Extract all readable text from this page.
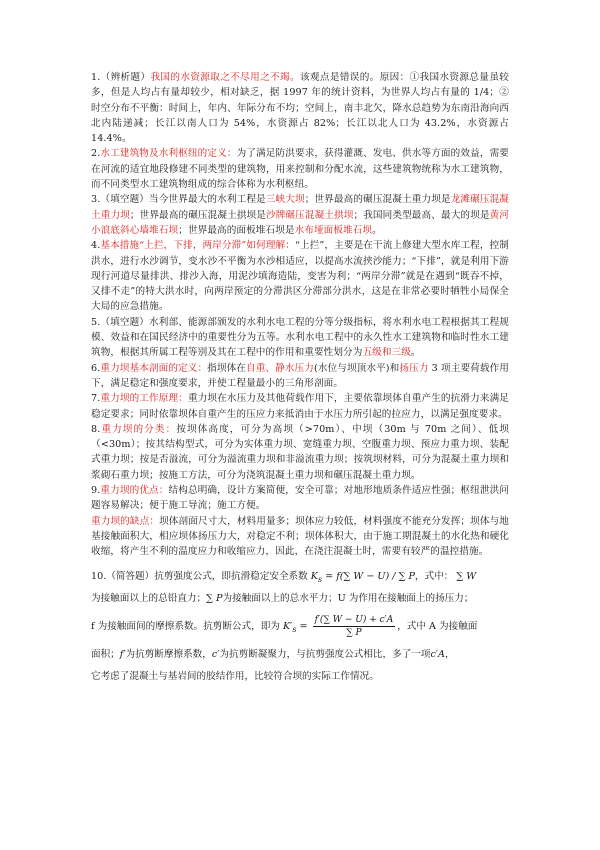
1.（辨析题）我国的水资源取之不尽用之不竭。该观点是错误的。原因：①我国水资源总量虽较多，但是人均占有量却较少，相对缺乏，据 1997 年的统计资料，为世界人均占有量的 1/4；②时空分布不平衡：时间上，年内、年际分布不均；空间上，南丰北欠，降水总趋势为东南沿海向西北内陆递减；长江以南人口为 54%，水资源占 82%；长江以北人口为 43.2%，水资源占 14.4%。

2.水工建筑物及水利枢纽的定义：为了满足防洪要求，获得灌溉、发电、供水等方面的效益，需要在河流的适宜地段修建不同类型的建筑物，用来控制和分配水流，这些建筑物统称为水工建筑物，而不同类型水工建筑物组成的综合体称为水利枢纽。

3.（填空题）当今世界最大的水利工程是三峡大坝；世界最高的碾压混凝土重力坝是龙滩碾压混凝土重力坝；世界最高的碾压混凝土拱坝是沙牌碾压混凝土拱坝；我国同类型最高、最大的坝是黄河小浪底斜心墙堆石坝；世界最高的面板堆石坝是水布垭面板堆石坝。

4.基本措施“上拦，下排，两岸分滞”如何理解：“上拦”，主要是在干流上修建大型水库工程，控制洪水，进行水沙调节，变水沙不平衡为水沙相适应，以提高水流挟沙能力；“下排”，就是利用下游现行河道尽量排洪、排沙入海，用泥沙填海造陆，变害为利；“两岸分滞”就是在遇到“既吞不掉，又排不走”的特大洪水时，向两岸预定的分滞洪区分滞部分洪水，这是在非常必要时牺牲小局保全大局的应急措施。

5.（填空题）水利部、能源部颁发的水利水电工程的分等分级指标，将水利水电工程根据其工程规模、效益和在国民经济中的重要性分为五等。水利水电工程中的永久性水工建筑物和临时性水工建筑物，根据其所属工程等别及其在工程中的作用和重要性划分为五级和三级。

6.重力坝基本剖面的定义：指坝体在自重、静水压力(水位与坝顶水平)和扬压力 3 项主要荷载作用下，满足稳定和强度要求，并使工程量最小的三角形剖面。

7.重力坝的工作原理：重力坝在水压力及其他荷载作用下，主要依靠坝体自重产生的抗滑力来满足稳定要求；同时依靠坝体自重产生的压应力来抵消由于水压力所引起的拉应力，以满足强度要求。

8.重力坝的分类：按坝体高度，可分为高坝（>70m）、中坝（30m 与 70m 之间）、低坝（<30m）；按其结构型式，可分为实体重力坝、宽缝重力坝、空腹重力坝、预应力重力坝、装配式重力坝；按是否溢流，可分为溢流重力坝和非溢流重力坝；按筑坝材料，可分为混凝土重力坝和浆砌石重力坝；按施工方法，可分为浇筑混凝土重力坝和碾压混凝土重力坝。

9.重力坝的优点：结构总明确，设计方案简便，安全可靠；对地形地质条件适应性强；枢纽泄洪问题容易解决；便于施工导流；施工方便。

重力坝的缺点：坝体剖面尺寸大，材料用量多；坝体应力较低，材料强度不能充分发挥；坝体与地基接触面积大，相应坝体扬压力大，对稳定不利；坝体体积大，由于施工期混凝土的水化热和硬化收缩，将产生不利的温度应力和收缩应力，因此，在浇注混凝土时，需要有较严的温控措施。

10.（简答题）抗剪强度公式，即抗滑稳定安全系数 $K_s = f(\sum$ W − U) / ∑ P，式中： ∑ W
为接触面以上的总铅直力；∑ P为接触面以上的总水平力；U 为作用在接触面上的扬压力；
f 为接触面间的摩擦系数。抗剪断公式，即为 $K'_s = \frac{f'(\sum W - U) + c'A}{\sum P}$ ，式中 A 为接触面
面积；f′为抗剪断摩擦系数，c′为抗剪断凝聚力，与抗剪强度公式相比，多了一项c′A，
它考虑了混凝土与基岩间的胶结作用，比较符合坝的实际工作情况。
